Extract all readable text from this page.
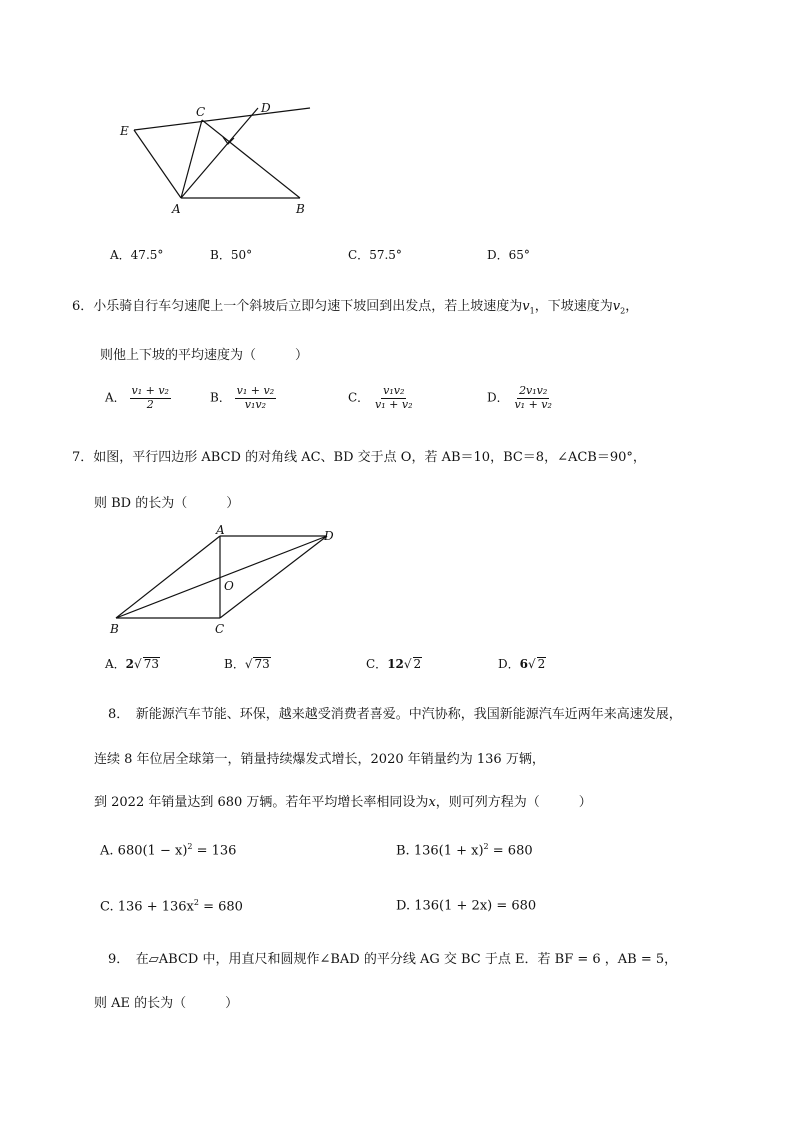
E
C	D
A	B
A．47.5°	B．50°	C．57.5°	D．65°
6．小乐骑自行车匀速爬上一个斜坡后立即匀速下坡回到出发点，若上坡速度为$v_1$，下坡速度为$v_2$，
则他上下坡的平均速度为（　　　）
A． $\frac{\text{v₁ + v₂}}{2}$	B． $\frac{\text{v₁ + v₂}}{\text{v₁v₂}}$	C． $\frac{\text{v₁v₂}}{\text{v₁ + v₂}}$	D． $\frac{\text{2v₁v₂}}{\text{v₁ + v₂}}$
7．如图，平行四边形 ABCD 的对角线 AC、BD 交于点 O，若 AB＝10，BC＝8，∠ACB＝90°，
则 BD 的长为（　　　）
A	D
O
B	C
A．2√ 73	B．√ 73	C．12√ 2	D．6√ 2
8．　新能源汽车节能、环保，越来越受消费者喜爱。中汽协称，我国新能源汽车近两年来高速发展，
连续 8 年位居全球第一，销量持续爆发式增长，2020 年销量约为 136 万辆，
到 2022 年销量达到 680 万辆。若年平均增长率相同设为x，则可列方程为（　　　）
A. $680(1 - x)^2 = 136$	B. $136(1 + x)^2 = 680$
C. $136 + 136x^2 = 680$	D. 136(1 + 2x) = 680
9．　在▱ABCD 中，用直尺和圆规作∠BAD 的平分线 AG 交 BC 于点 E．若 BF = 6 ，AB = 5，
则 AE 的长为（　　　）
